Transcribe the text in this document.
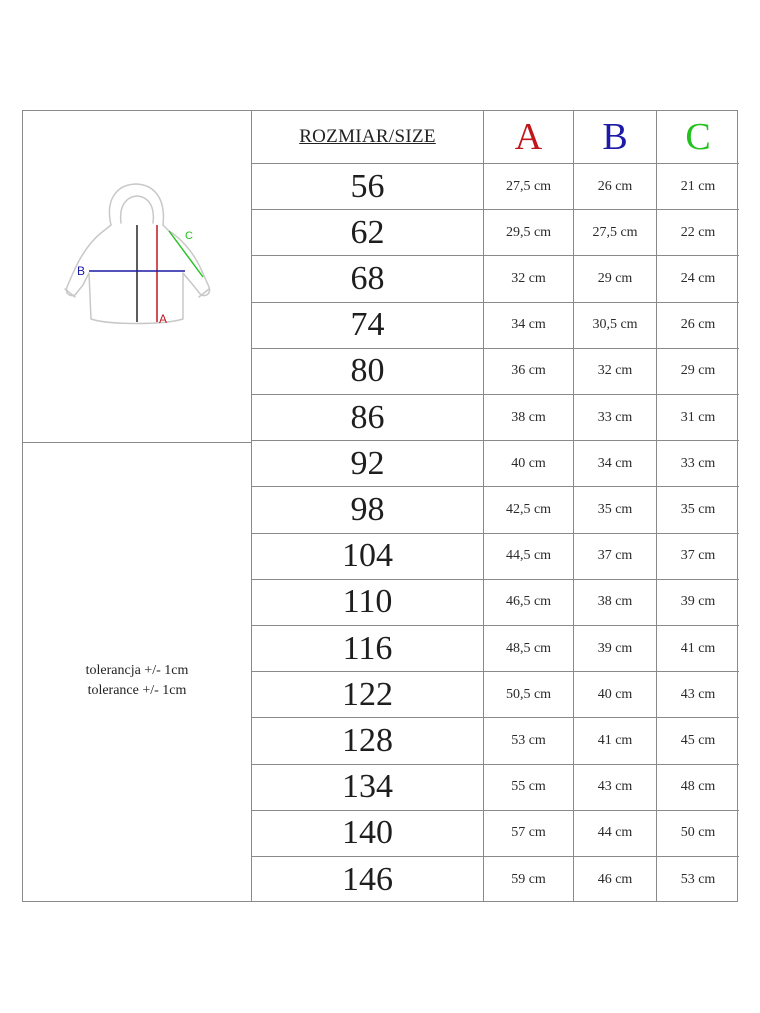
ROZMIAR/SIZE	A	B	C
A
B
C
tolerancja +/- 1cm
tolerance +/- 1cm
56	27,5 cm	26 cm	21 cm
62	29,5 cm	27,5 cm	22 cm
68	32 cm	29 cm	24 cm
74	34 cm	30,5 cm	26 cm
80	36 cm	32 cm	29 cm
86	38 cm	33 cm	31 cm
92	40 cm	34 cm	33 cm
98	42,5 cm	35 cm	35 cm
104	44,5 cm	37 cm	37 cm
110	46,5 cm	38 cm	39 cm
116	48,5 cm	39 cm	41 cm
122	50,5 cm	40 cm	43 cm
128	53 cm	41 cm	45 cm
134	55 cm	43 cm	48 cm
140	57 cm	44 cm	50 cm
146	59 cm	46 cm	53 cm
